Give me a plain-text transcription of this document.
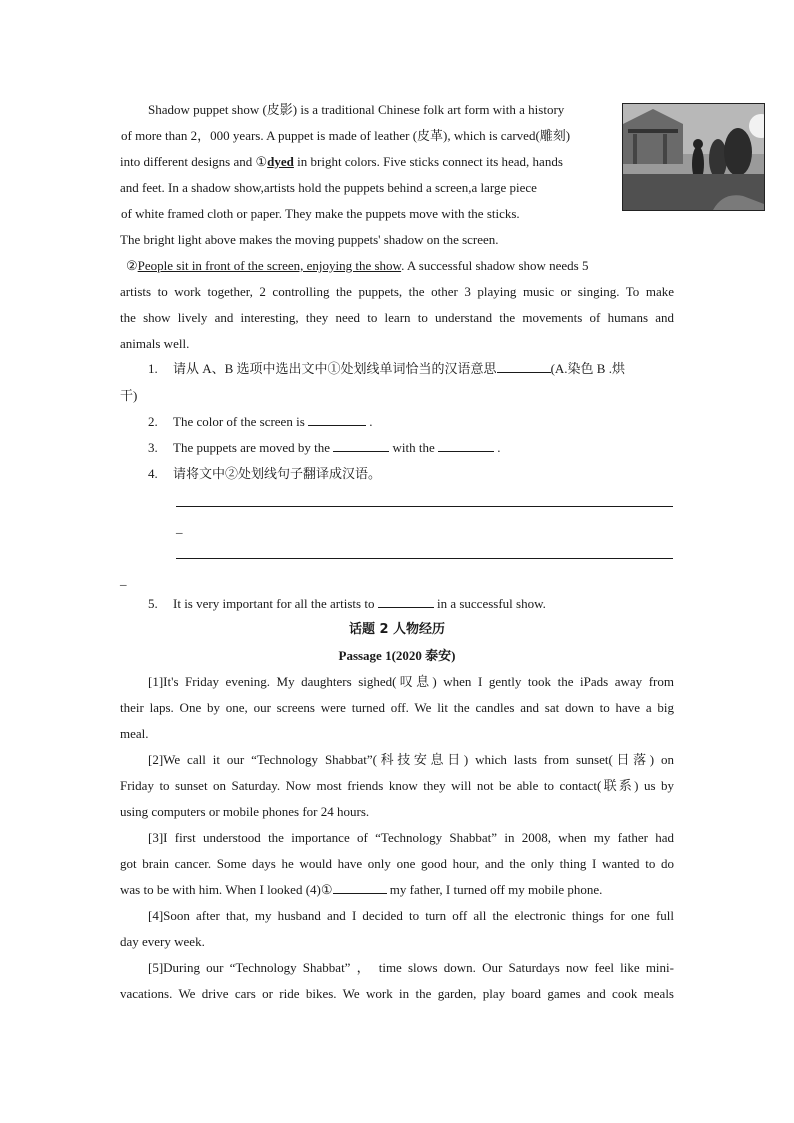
Shadow puppet show (皮影) is a traditional Chinese folk art form with a history
of more than 2，000 years. A puppet is made of leather (皮革), which is carved(雕刻)
into different designs and ①dyed in bright colors. Five sticks connect its head, hands
and feet. In a shadow show,artists hold the puppets behind a screen,a large piece
of white framed cloth or paper. They make the puppets move with the sticks.
The bright light above makes the moving puppets' shadow on the screen.
②People sit in front of the screen, enjoying the show. A successful shadow show needs 5
artists to work together, 2 controlling the puppets, the other 3 playing music or singing. To make
the show lively and interesting, they need to learn to understand the movements of humans and
animals well.
1. 请从 A、B 选项中选出文中①处划线单词恰当的汉语意思	(A.染色 B .烘
干)
2. The color of the screen is	.
3. The puppets are moved by the	with the	.
4. 请将文中②处划线句子翻译成汉语。
_
_
5. It is very important for all the artists to	in a successful show.
话题 2 人物经历
Passage 1(2020 泰安)
[1]It's Friday evening. My daughters sighed(叹息) when I gently took the iPads away from
their laps. One by one, our screens were turned off. We lit the candles and sat down to have a big
meal.
[2]We call it our “Technology Shabbat”(科技安息日) which lasts from sunset(日落) on
Friday to sunset on Saturday. Now most friends know they will not be able to contact(联系) us by
using computers or mobile phones for 24 hours.
[3]I first understood the importance of “Technology Shabbat” in 2008, when my father had
got brain cancer. Some days he would have only one good hour, and the only thing I wanted to do
was to be with him. When I looked (4)①	my father, I turned off my mobile phone.
[4]Soon after that, my husband and I decided to turn off all the electronic things for one full
day every week.
[5]During our “Technology Shabbat” ， time slows down. Our Saturdays now feel like mini-
vacations. We drive cars or ride bikes. We work in the garden, play board games and cook meals
